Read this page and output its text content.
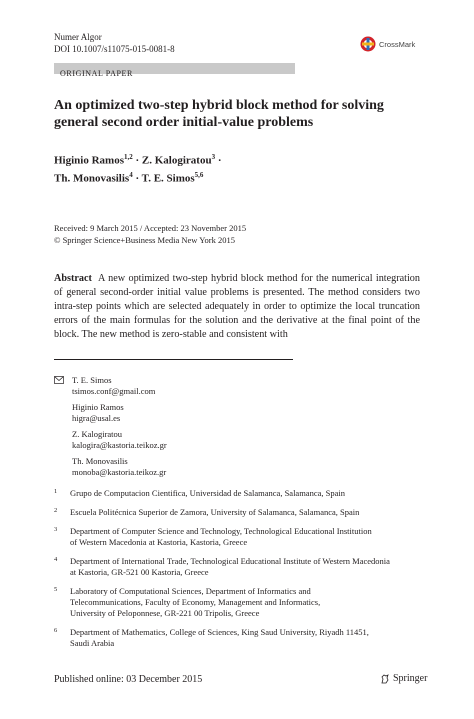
Numer Algor
DOI 10.1007/s11075-015-0081-8	CrossMark
ORIGINAL PAPER
An optimized two-step hybrid block method for solving
general second order initial-value problems
Higinio Ramos$^{1,2}$ · Z. Kalogiratou$^3$ ·
Th. Monovasilis$^4$ · T. E. Simos$^{5,6}$
Received: 9 March 2015 / Accepted: 23 November 2015
© Springer Science+Business Media New York 2015
Abstract A new optimized two-step hybrid block method for the numerical integration of general second-order initial value problems is presented. The method considers two intra-step points which are selected adequately in order to optimize the local truncation errors of the main formulas for the solution and the derivative at the final point of the block. The new method is zero-stable and consistent with
T. E. Simos
tsimos.conf@gmail.com
Higinio Ramos
higra@usal.es
Z. Kalogiratou
kalogira@kastoria.teikoz.gr
Th. Monovasilis
monoba@kastoria.teikoz.gr
1 Grupo de Computacion Cientifica, Universidad de Salamanca, Salamanca, Spain
2 Escuela Politécnica Superior de Zamora, University of Salamanca, Salamanca, Spain
3 Department of Computer Science and Technology, Technological Educational Institution
of Western Macedonia at Kastoria, Kastoria, Greece
4 Department of International Trade, Technological Educational Institute of Western Macedonia
at Kastoria, GR-521 00 Kastoria, Greece
5 Laboratory of Computational Sciences, Department of Informatics and
Telecommunications, Faculty of Economy, Management and Informatics,
University of Peloponnese, GR-221 00 Tripolis, Greece
6 Department of Mathematics, College of Sciences, King Saud University, Riyadh 11451,
Saudi Arabia
Published online: 03 December 2015	Springer
